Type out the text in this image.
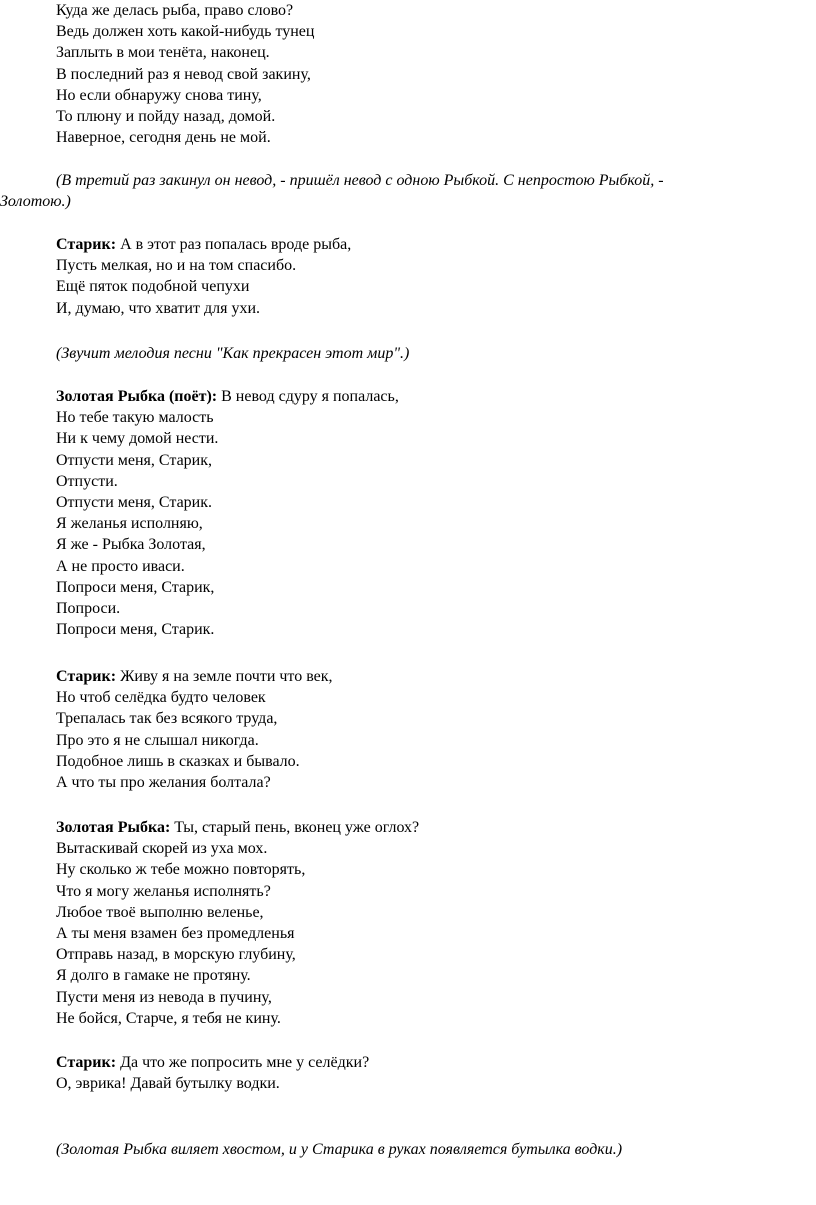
Куда же делась рыба, право слово?
Ведь должен хоть какой-нибудь тунец
Заплыть в мои тенёта, наконец.
В последний раз я невод свой закину,
Но если обнаружу снова тину,
То плюну и пойду назад, домой.
Наверное, сегодня день не мой.
(В третий раз закинул он невод, - пришёл невод с одною Рыбкой. С непростою Рыбкой, -
Золотою.)
Старик: А в этот раз попалась вроде рыба,
Пусть мелкая, но и на том спасибо.
Ещё пяток подобной чепухи
И, думаю, что хватит для ухи.
(Звучит мелодия песни "Как прекрасен этот мир".)
Золотая Рыбка (поёт): В невод сдуру я попалась,
Но тебе такую малость
Ни к чему домой нести.
Отпусти меня, Старик,
Отпусти.
Отпусти меня, Старик.
Я желанья исполняю,
Я же - Рыбка Золотая,
А не просто иваси.
Попроси меня, Старик,
Попроси.
Попроси меня, Старик.
Старик: Живу я на земле почти что век,
Но чтоб селёдка будто человек
Трепалась так без всякого труда,
Про это я не слышал никогда.
Подобное лишь в сказках и бывало.
А что ты про желания болтала?
Золотая Рыбка: Ты, старый пень, вконец уже оглох?
Вытаскивай скорей из уха мох.
Ну сколько ж тебе можно повторять,
Что я могу желанья исполнять?
Любое твоё выполню веленье,
А ты меня взамен без промедленья
Отправь назад, в морскую глубину,
Я долго в гамаке не протяну.
Пусти меня из невода в пучину,
Не бойся, Старче, я тебя не кину.
Старик: Да что же попросить мне у селёдки?
О, эврика! Давай бутылку водки.
(Золотая Рыбка виляет хвостом, и у Старика в руках появляется бутылка водки.)
